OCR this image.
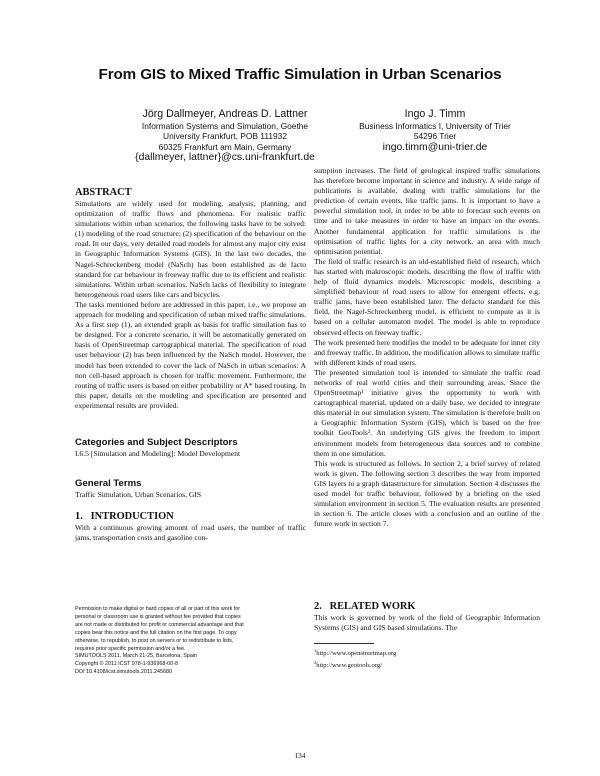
From GIS to Mixed Traffic Simulation in Urban Scenarios
Jörg Dallmeyer, Andreas D. Lattner
Information Systems and Simulation, Goethe
University Frankfurt, POB 111932
60325 Frankfurt am Main, Germany
{dallmeyer, lattner}@cs.uni-frankfurt.de
Ingo J. Timm
Business Informatics I, University of Trier
54296 Trier
ingo.timm@uni-trier.de
ABSTRACT

Simulations are widely used for modeling, analysis, planning, and optimization of traffic flows and phenomena. For realistic traffic simulations within urban scenarios, the following tasks have to be solved: (1) modeling of the road structure; (2) specification of the behaviour on the road. In our days, very detailed road models for almost any major city exist in Geographic Information Systems (GIS). In the last two decades, the Nagel-Schreckenberg model (NaSch) has been established as de facto standard for car behaviour in freeway traffic due to its efficient and realistic simulations. Within urban scenarios, NaSch lacks of flexibility to integrate heterogeneous road users like cars and bicycles.

The tasks mentioned before are addressed in this paper, i.e., we propose an approach for modeling and specification of urban mixed traffic simulations. As a first step (1), an extended graph as basis for traffic simulation has to be designed. For a concrete scenario, it will be automatically generated on basis of OpenStreetmap cartographical material. The specification of road user behaviour (2) has been influenced by the NaSch model. However, the model has been extended to cover the lack of NaSch in urban scenarios: A non cell-based approach is chosen for traffic movement. Furthermore, the routing of traffic users is based on either probability or A* based routing. In this paper, details on the modeling and specification are presented and experimental results are provided.

Categories and Subject Descriptors

I.6.5 [Simulation and Modeling]: Model Development

General Terms

Traffic Simulation, Urban Scenarios, GIS

1.   INTRODUCTION

With a continuous growing amount of road users, the number of traffic jams, transportation costs and gasoline con-

Permission to make digital or hard copies of all or part of this work for
personal or classroom use is granted without fee provided that copies
are not made or distributed for profit or commercial advantage and that
copies bear this notice and the full citation on the first page. To copy
otherwise, to republish, to post on servers or to redistribute to lists,
requires prior specific permission and/or a fee.
SIMUTOOLS 2011, March 21-25, Barcelona, Spain
Copyright © 2011 ICST 978-1-936968-00-8
DOI 10.4108/icst.simutools.2011.245680

sumption increases. The field of geological inspired traffic simulations has therefore become important in science and industry. A wide range of publications is available, dealing with traffic simulations for the prediction of certain events, like traffic jams. It is important to have a powerful simulation tool, in order to be able to forecast such events on time and to take measures in order to have an impact on the events. Another fundamental application for traffic simulations is the optimisation of traffic lights for a city network, an area with much optimisation potential.

The field of traffic research is an old-established field of research, which has started with makroscopic models, describing the flow of traffic with help of fluid dynamics models. Microscopic models, describing a simplified behaviour of road users to allow for emergent effects, e.g. traffic jams, have been established later. The defacto standard for this field, the Nagel-Schreckenberg model, is efficient to compute as it is based on a cellular automaton model. The model is able to reproduce observed effects on freeway traffic.

The work presented here modifies the model to be adequate for inner city and freeway traffic. In addition, the modification allows to simulate traffic with different kinds of road users.

The presented simulation tool is intended to simulate the traffic road networks of real world cities and their surrounding areas. Since the OpenStreetmap¹ initiative gives the opportunity to work with cartographical material, updated on a daily base, we decided to integrate this material in our simulation system. The simulation is therefore built on a Geographic Information System (GIS), which is based on the free toolkit GeoTools². An underlying GIS gives the freedom to import environment models from heterogeneous data sources and to combine them in one simulation.

This work is structured as follows. In section 2, a brief survey of related work is given. The following section 3 describes the way from imported GIS layers to a graph datastructure for simulation. Section 4 discusses the used model for traffic behaviour, followed by a briefing on the used simulation environment in section 5. The evaluation results are presented in section 6. The article closes with a conclusion and an outline of the future work in section 7.

2.   RELATED WORK

This work is governed by work of the field of Geographic Information Systems (GIS) and GIS based simulations. The

$^1$http://www.openstreetmap.org
$^2$http://www.geotools.org/
134
